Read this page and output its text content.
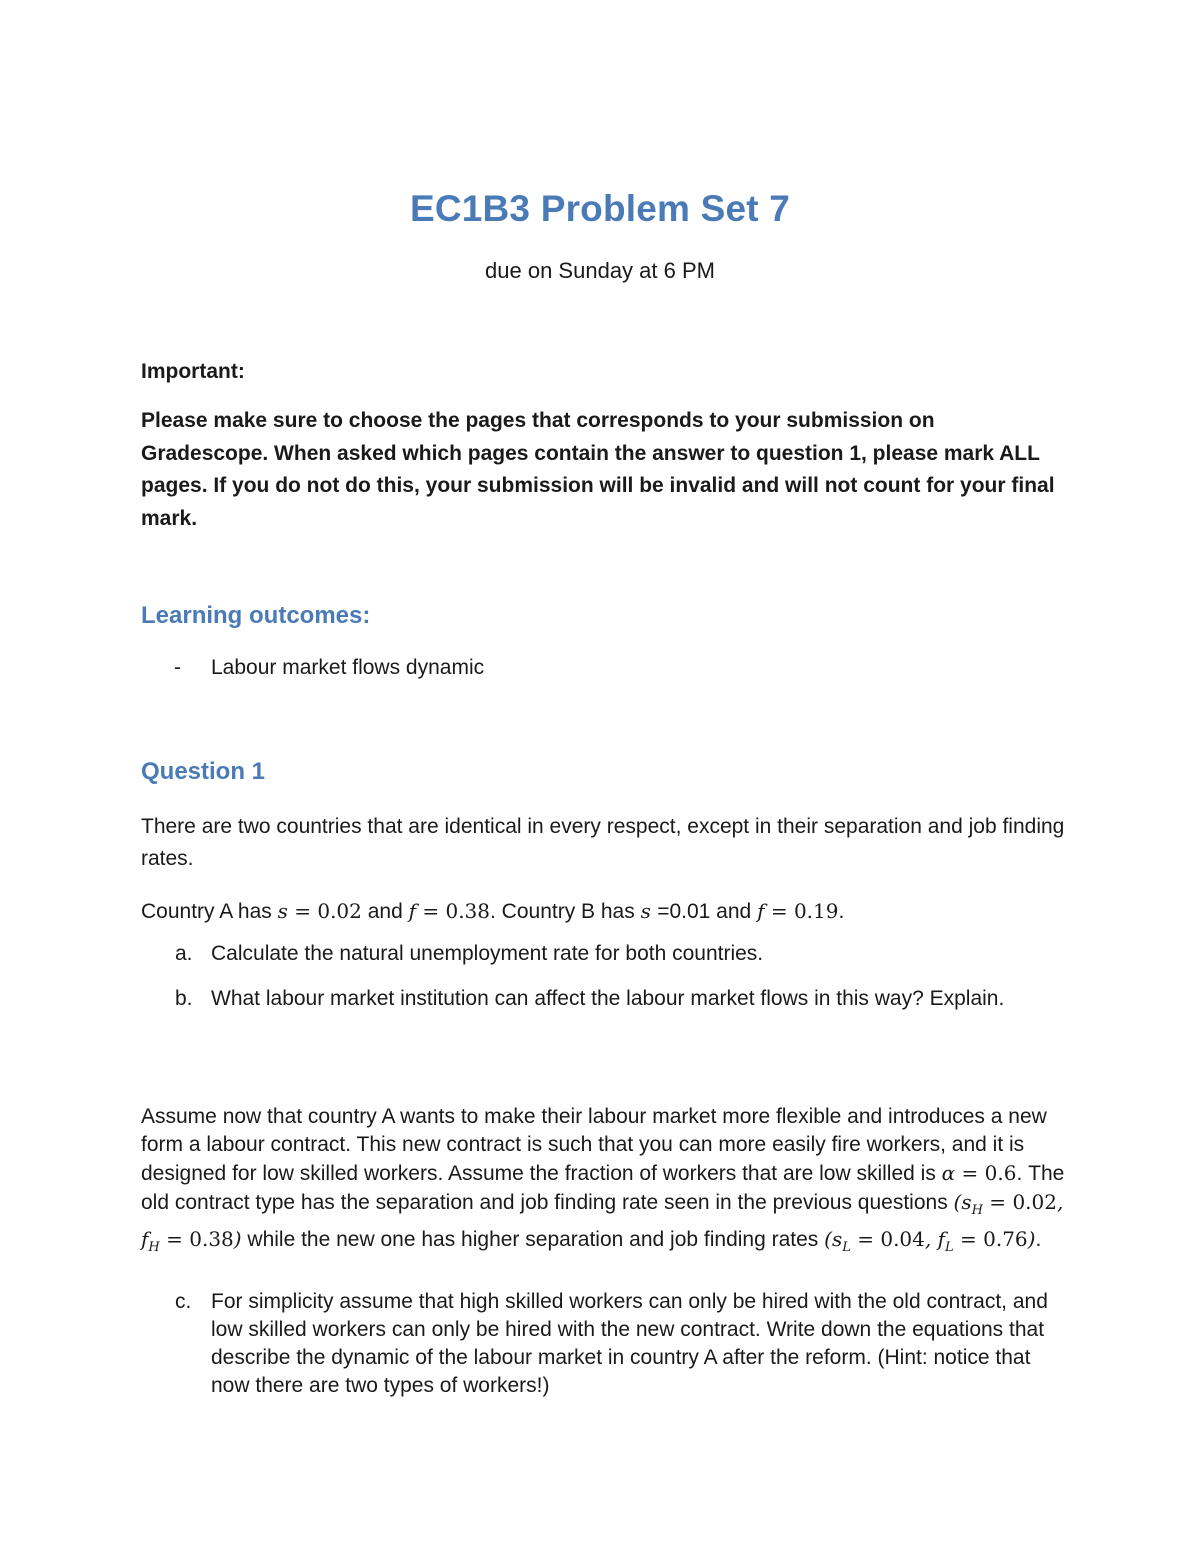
EC1B3 Problem Set 7
due on Sunday at 6 PM
Important:
Please make sure to choose the pages that corresponds to your submission on Gradescope. When asked which pages contain the answer to question 1, please mark ALL pages. If you do not do this, your submission will be invalid and will not count for your final mark.
Learning outcomes:
- Labour market flows dynamic
Question 1
There are two countries that are identical in every respect, except in their separation and job finding rates.
Country A has s = 0.02 and f = 0.38. Country B has s =0.01 and f = 0.19.
a. Calculate the natural unemployment rate for both countries.
b. What labour market institution can affect the labour market flows in this way? Explain.
Assume now that country A wants to make their labour market more flexible and introduces a new form a labour contract. This new contract is such that you can more easily fire workers, and it is designed for low skilled workers. Assume the fraction of workers that are low skilled is α = 0.6. The old contract type has the separation and job finding rate seen in the previous questions ($s_H = 0.02$, $f_H = 0.38$) while the new one has higher separation and job finding rates ($s_L = 0.04$, $f_L = 0.76$).
c. For simplicity assume that high skilled workers can only be hired with the old contract, and low skilled workers can only be hired with the new contract. Write down the equations that describe the dynamic of the labour market in country A after the reform. (Hint: notice that now there are two types of workers!)
